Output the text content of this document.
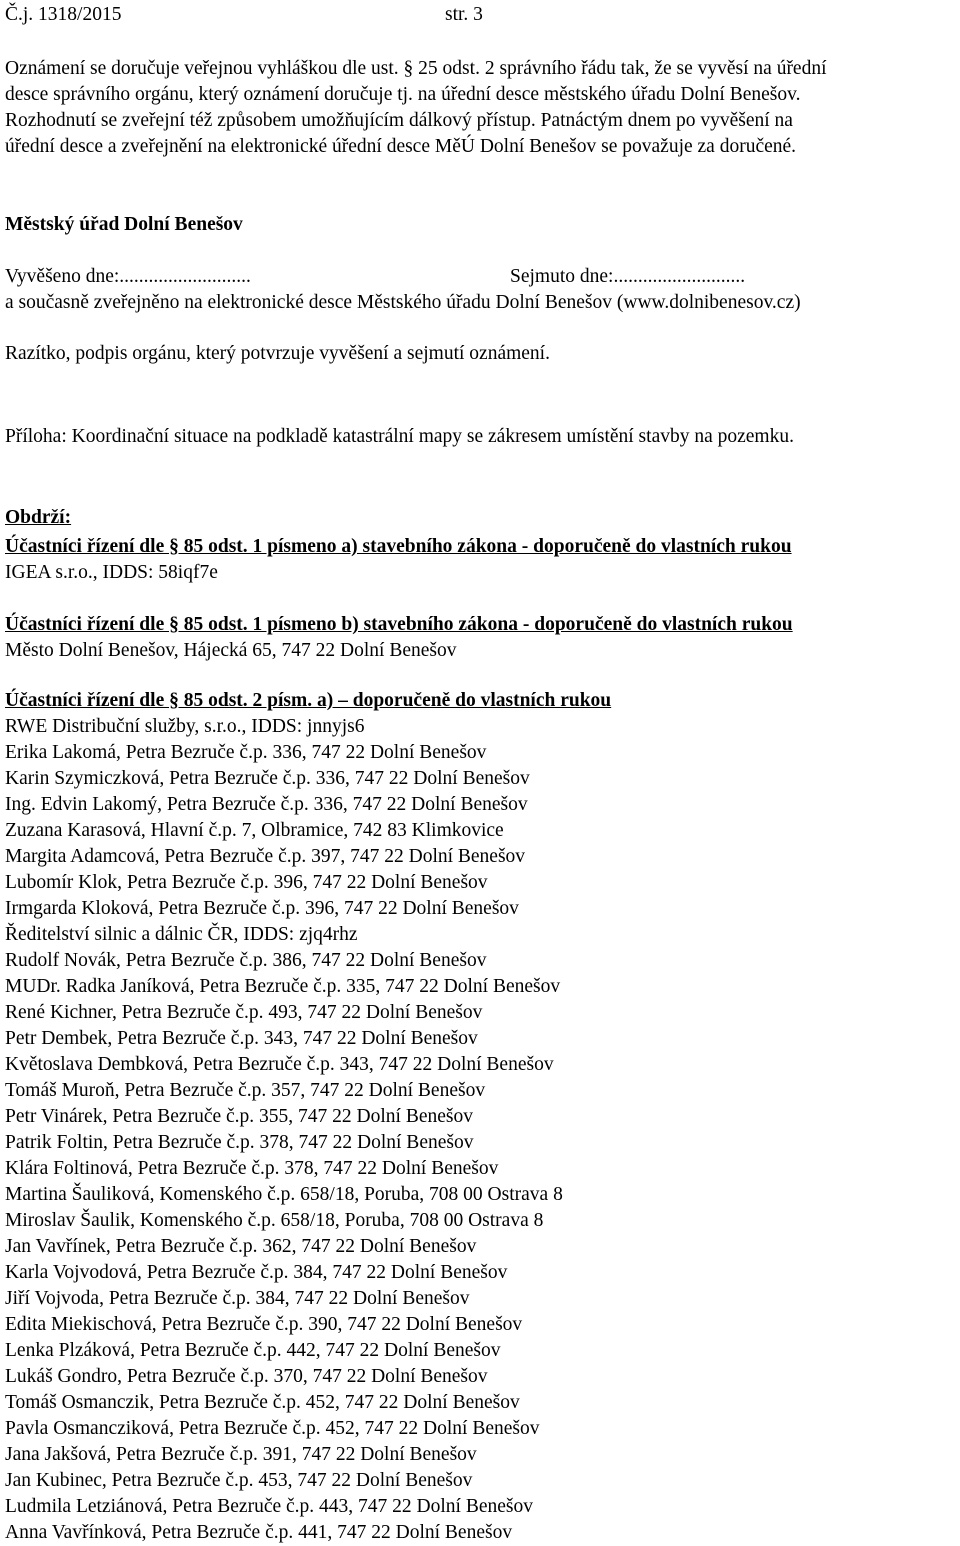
Č.j. 1318/2015	str. 3
Oznámení se doručuje veřejnou vyhláškou dle ust. § 25 odst. 2 správního řádu tak, že se vyvěsí na úřední
desce správního orgánu, který oznámení doručuje tj. na úřední desce městského úřadu Dolní Benešov.
Rozhodnutí se zveřejní též způsobem umožňujícím dálkový přístup. Patnáctým dnem po vyvěšení na
úřední desce a zveřejnění na elektronické úřední desce MěÚ Dolní Benešov se považuje za doručené.
Městský úřad Dolní Benešov
Vyvěšeno dne:...........................	Sejmuto dne:...........................
a současně zveřejněno na elektronické desce Městského úřadu Dolní Benešov (www.dolnibenesov.cz)
Razítko, podpis orgánu, který potvrzuje vyvěšení a sejmutí oznámení.
Příloha: Koordinační situace na podkladě katastrální mapy se zákresem umístění stavby na pozemku.
Obdrží:
Účastníci řízení dle § 85 odst. 1 písmeno a) stavebního zákona - doporučeně do vlastních rukou
IGEA s.r.o., IDDS: 58iqf7e
Účastníci řízení dle § 85 odst. 1 písmeno b) stavebního zákona - doporučeně do vlastních rukou
Město Dolní Benešov, Hájecká 65, 747 22 Dolní Benešov
Účastníci řízení dle § 85 odst. 2 písm. a) – doporučeně do vlastních rukou
RWE Distribuční služby, s.r.o., IDDS: jnnyjs6
Erika Lakomá, Petra Bezruče č.p. 336, 747 22 Dolní Benešov
Karin Szymiczková, Petra Bezruče č.p. 336, 747 22 Dolní Benešov
Ing. Edvin Lakomý, Petra Bezruče č.p. 336, 747 22 Dolní Benešov
Zuzana Karasová, Hlavní č.p. 7, Olbramice, 742 83 Klimkovice
Margita Adamcová, Petra Bezruče č.p. 397, 747 22 Dolní Benešov
Lubomír Klok, Petra Bezruče č.p. 396, 747 22 Dolní Benešov
Irmgarda Kloková, Petra Bezruče č.p. 396, 747 22 Dolní Benešov
Ředitelství silnic a dálnic ČR, IDDS: zjq4rhz
Rudolf Novák, Petra Bezruče č.p. 386, 747 22 Dolní Benešov
MUDr. Radka Janíková, Petra Bezruče č.p. 335, 747 22 Dolní Benešov
René Kichner, Petra Bezruče č.p. 493, 747 22 Dolní Benešov
Petr Dembek, Petra Bezruče č.p. 343, 747 22 Dolní Benešov
Květoslava Dembková, Petra Bezruče č.p. 343, 747 22 Dolní Benešov
Tomáš Muroň, Petra Bezruče č.p. 357, 747 22 Dolní Benešov
Petr Vinárek, Petra Bezruče č.p. 355, 747 22 Dolní Benešov
Patrik Foltin, Petra Bezruče č.p. 378, 747 22 Dolní Benešov
Klára Foltinová, Petra Bezruče č.p. 378, 747 22 Dolní Benešov
Martina Šauliková, Komenského č.p. 658/18, Poruba, 708 00 Ostrava 8
Miroslav Šaulik, Komenského č.p. 658/18, Poruba, 708 00 Ostrava 8
Jan Vavřínek, Petra Bezruče č.p. 362, 747 22 Dolní Benešov
Karla Vojvodová, Petra Bezruče č.p. 384, 747 22 Dolní Benešov
Jiří Vojvoda, Petra Bezruče č.p. 384, 747 22 Dolní Benešov
Edita Miekischová, Petra Bezruče č.p. 390, 747 22 Dolní Benešov
Lenka Plzáková, Petra Bezruče č.p. 442, 747 22 Dolní Benešov
Lukáš Gondro, Petra Bezruče č.p. 370, 747 22 Dolní Benešov
Tomáš Osmanczik, Petra Bezruče č.p. 452, 747 22 Dolní Benešov
Pavla Osmancziková, Petra Bezruče č.p. 452, 747 22 Dolní Benešov
Jana Jakšová, Petra Bezruče č.p. 391, 747 22 Dolní Benešov
Jan Kubinec, Petra Bezruče č.p. 453, 747 22 Dolní Benešov
Ludmila Letziánová, Petra Bezruče č.p. 443, 747 22 Dolní Benešov
Anna Vavřínková, Petra Bezruče č.p. 441, 747 22 Dolní Benešov
